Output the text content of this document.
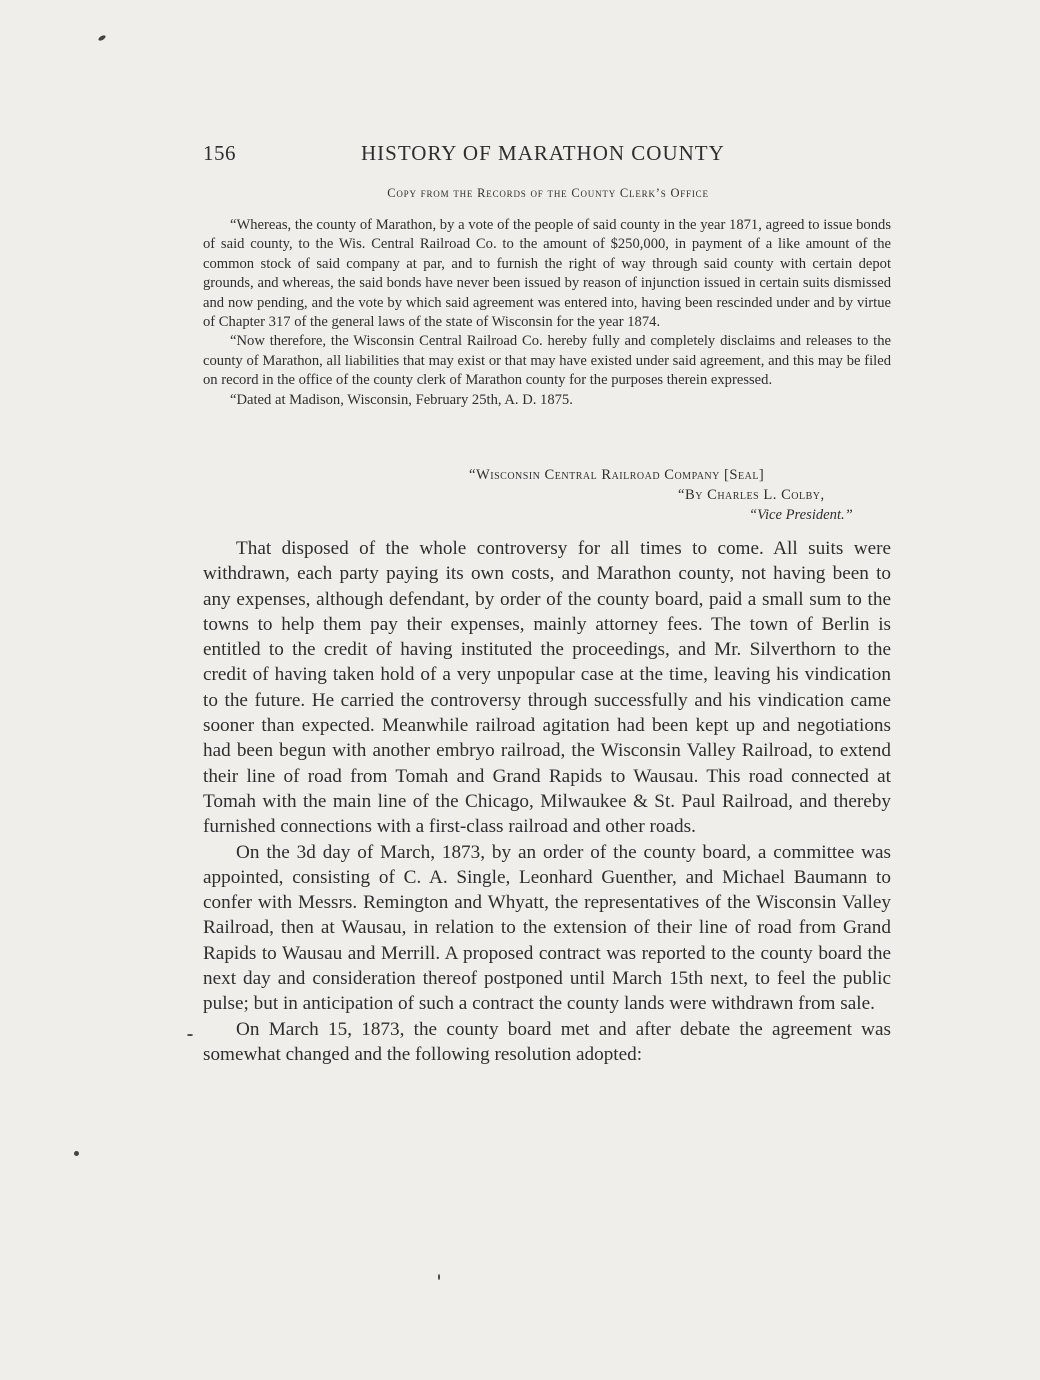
156	HISTORY OF MARATHON COUNTY
Copy from the Records of the County Clerk’s Office

“Whereas, the county of Marathon, by a vote of the people of said county in the year 1871, agreed to issue bonds of said county, to the Wis. Central Railroad Co. to the amount of $250,000, in payment of a like amount of the common stock of said company at par, and to furnish the right of way through said county with certain depot grounds, and whereas, the said bonds have never been issued by reason of injunction issued in certain suits dismissed and now pending, and the vote by which said agreement was entered into, having been rescinded under and by virtue of Chapter 317 of the general laws of the state of Wisconsin for the year 1874.

“Now therefore, the Wisconsin Central Railroad Co. hereby fully and completely disclaims and releases to the county of Marathon, all liabilities that may exist or that may have existed under said agreement, and this may be filed on record in the office of the county clerk of Marathon county for the purposes therein expressed.

“Dated at Madison, Wisconsin, February 25th, A. D. 1875.

“Wisconsin Central Railroad Company [Seal]
“By Charles L. Colby,
“Vice President.”

That disposed of the whole controversy for all times to come. All suits were withdrawn, each party paying its own costs, and Marathon county, not having been to any expenses, although defendant, by order of the county board, paid a small sum to the towns to help them pay their expenses, mainly attorney fees. The town of Berlin is entitled to the credit of having instituted the proceedings, and Mr. Silverthorn to the credit of having taken hold of a very unpopular case at the time, leaving his vindication to the future. He carried the controversy through successfully and his vindication came sooner than expected. Meanwhile railroad agitation had been kept up and negotiations had been begun with another embryo railroad, the Wisconsin Valley Railroad, to extend their line of road from Tomah and Grand Rapids to Wausau. This road connected at Tomah with the main line of the Chicago, Milwaukee & St. Paul Railroad, and thereby furnished connections with a first-class railroad and other roads.

On the 3d day of March, 1873, by an order of the county board, a committee was appointed, consisting of C. A. Single, Leonhard Guenther, and Michael Baumann to confer with Messrs. Remington and Whyatt, the representatives of the Wisconsin Valley Railroad, then at Wausau, in relation to the extension of their line of road from Grand Rapids to Wausau and Merrill. A proposed contract was reported to the county board the next day and consideration thereof postponed until March 15th next, to feel the public pulse; but in anticipation of such a contract the county lands were withdrawn from sale.

On March 15, 1873, the county board met and after debate the agreement was somewhat changed and the following resolution adopted:
